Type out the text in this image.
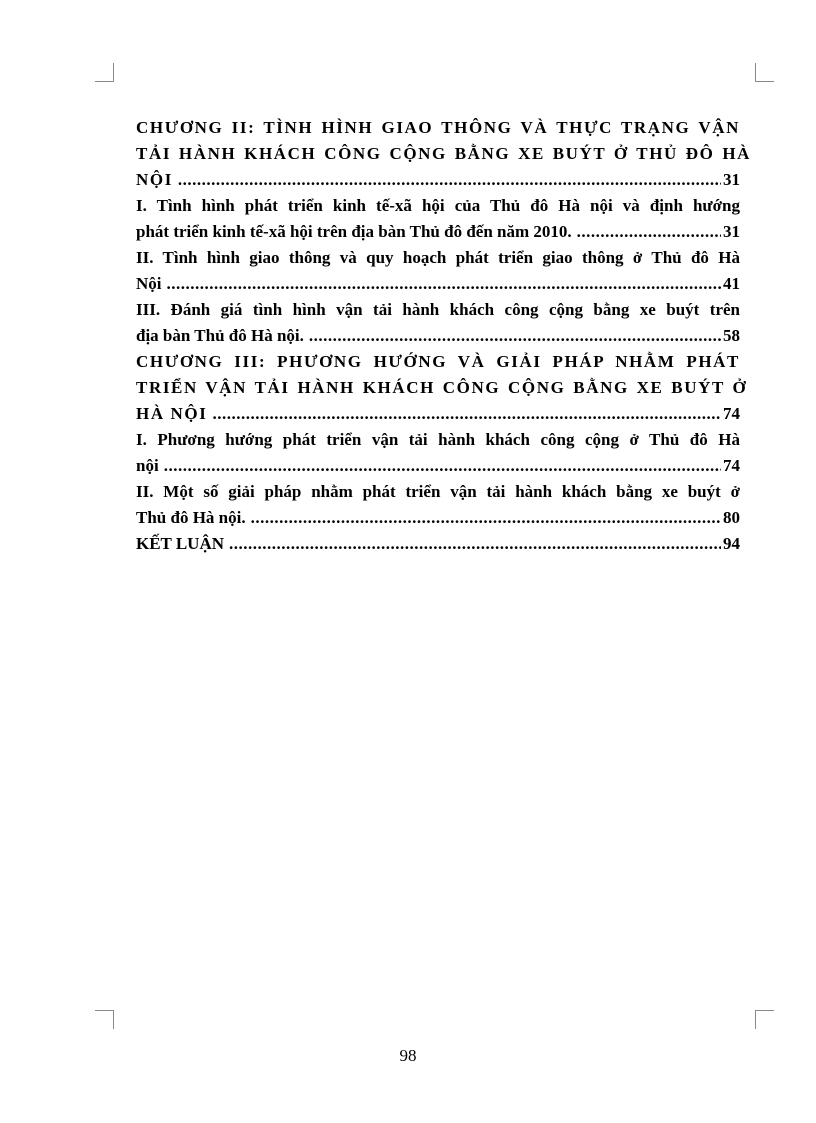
CHƯƠNG II: TÌNH HÌNH GIAO THÔNG VÀ THỰC TRẠNG VẬN
TẢI HÀNH KHÁCH CÔNG CỘNG BẰNG XE BUÝT Ở THỦ ĐÔ HÀ
NỘI .....	31
I. Tình hình phát triển kinh tế-xã hội của Thủ đô Hà nội và định hướng
phát triển kinh tế-xã hội trên địa bàn Thủ đô đến năm 2010. .....	31
II. Tình hình giao thông và quy hoạch phát triển giao thông ở Thủ đô Hà
Nội .....	41
III. Đánh giá tình hình vận tải hành khách công cộng bằng xe buýt trên
địa bàn Thủ đô Hà nội. .....	58
CHƯƠNG III: PHƯƠNG HƯỚNG VÀ GIẢI PHÁP NHẰM PHÁT
TRIỂN VẬN TẢI HÀNH KHÁCH CÔNG CỘNG BẰNG XE BUÝT Ở
HÀ NỘI .....	74
I. Phương hướng phát triển vận tải hành khách công cộng ở Thủ đô Hà
nội .....	74
II. Một số giải pháp nhằm phát triển vận tải hành khách bằng xe buýt ở
Thủ đô Hà nội. .....	80
KẾT LUẬN .....	94
98
